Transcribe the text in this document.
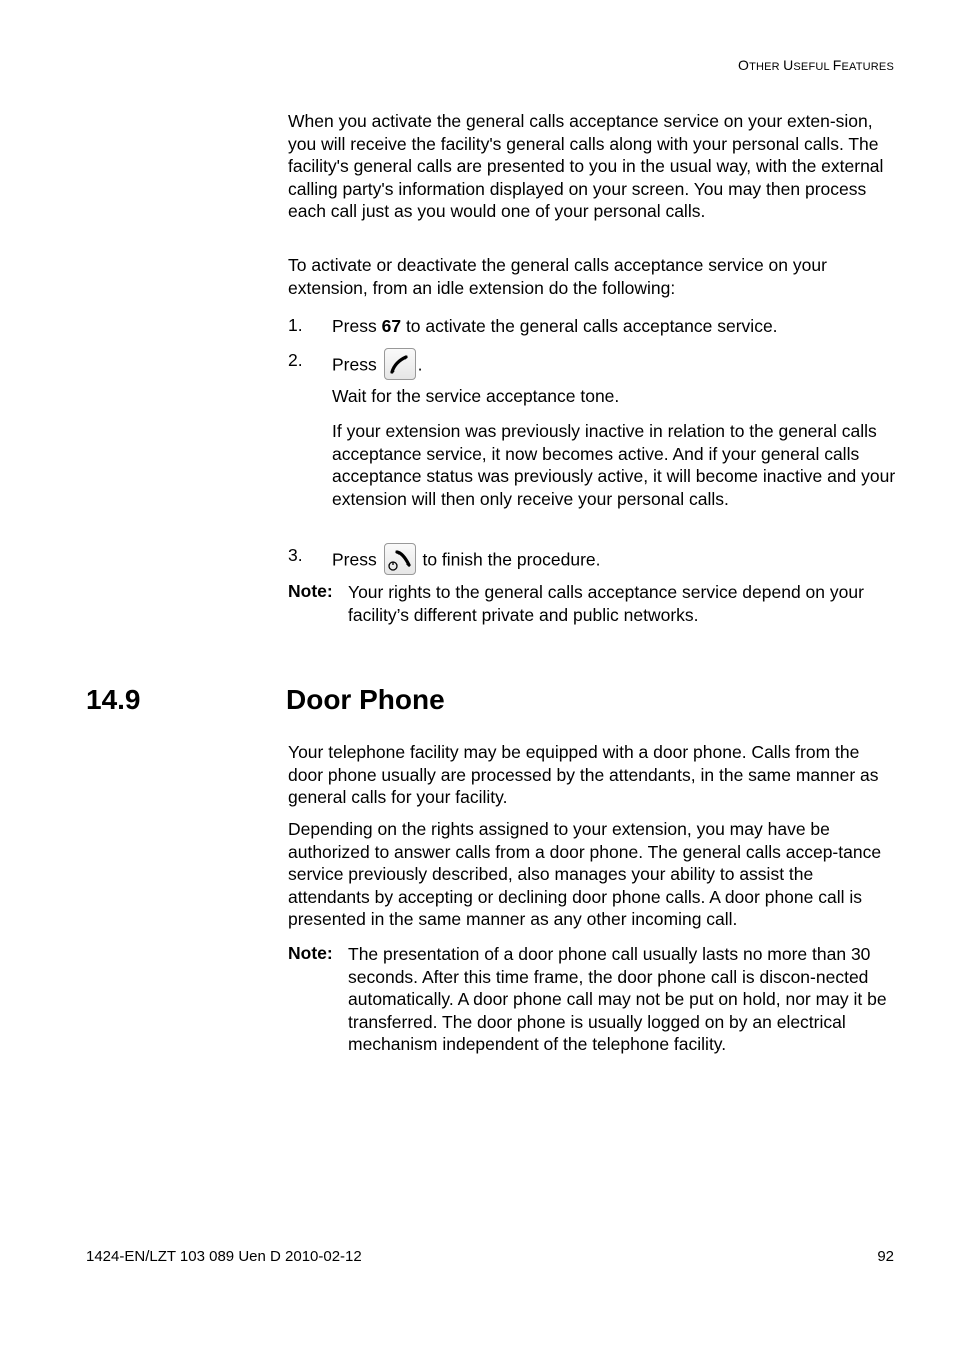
OTHER USEFUL FEATURES

When you activate the general calls acceptance service on your exten-sion, you will receive the facility's general calls along with your personal calls. The facility's general calls are presented to you in the usual way, with the external calling party's information displayed on your screen. You may then process each call just as you would one of your personal calls.

To activate or deactivate the general calls acceptance service on your extension, from an idle extension do the following:

1. Press 67 to activate the general calls acceptance service.
2. Press
.
Wait for the service acceptance tone.
If your extension was previously inactive in relation to the general calls acceptance service, it now becomes active. And if your general calls acceptance status was previously active, it will become inactive and your extension will then only receive your personal calls.
3. Press
to finish the procedure.
Note: Your rights to the general calls acceptance service depend on your facility’s different private and public networks.
14.9	Door Phone

Your telephone facility may be equipped with a door phone. Calls from the door phone usually are processed by the attendants, in the same manner as general calls for your facility.

Depending on the rights assigned to your extension, you may have be authorized to answer calls from a door phone. The general calls accep-tance service previously described, also manages your ability to assist the attendants by accepting or declining door phone calls. A door phone call is presented in the same manner as any other incoming call.

Note: The presentation of a door phone call usually lasts no more than 30 seconds. After this time frame, the door phone call is discon-nected automatically. A door phone call may not be put on hold, nor may it be transferred. The door phone is usually logged on by an electrical mechanism independent of the telephone facility.
1424-EN/LZT 103 089 Uen D 2010-02-12	92
